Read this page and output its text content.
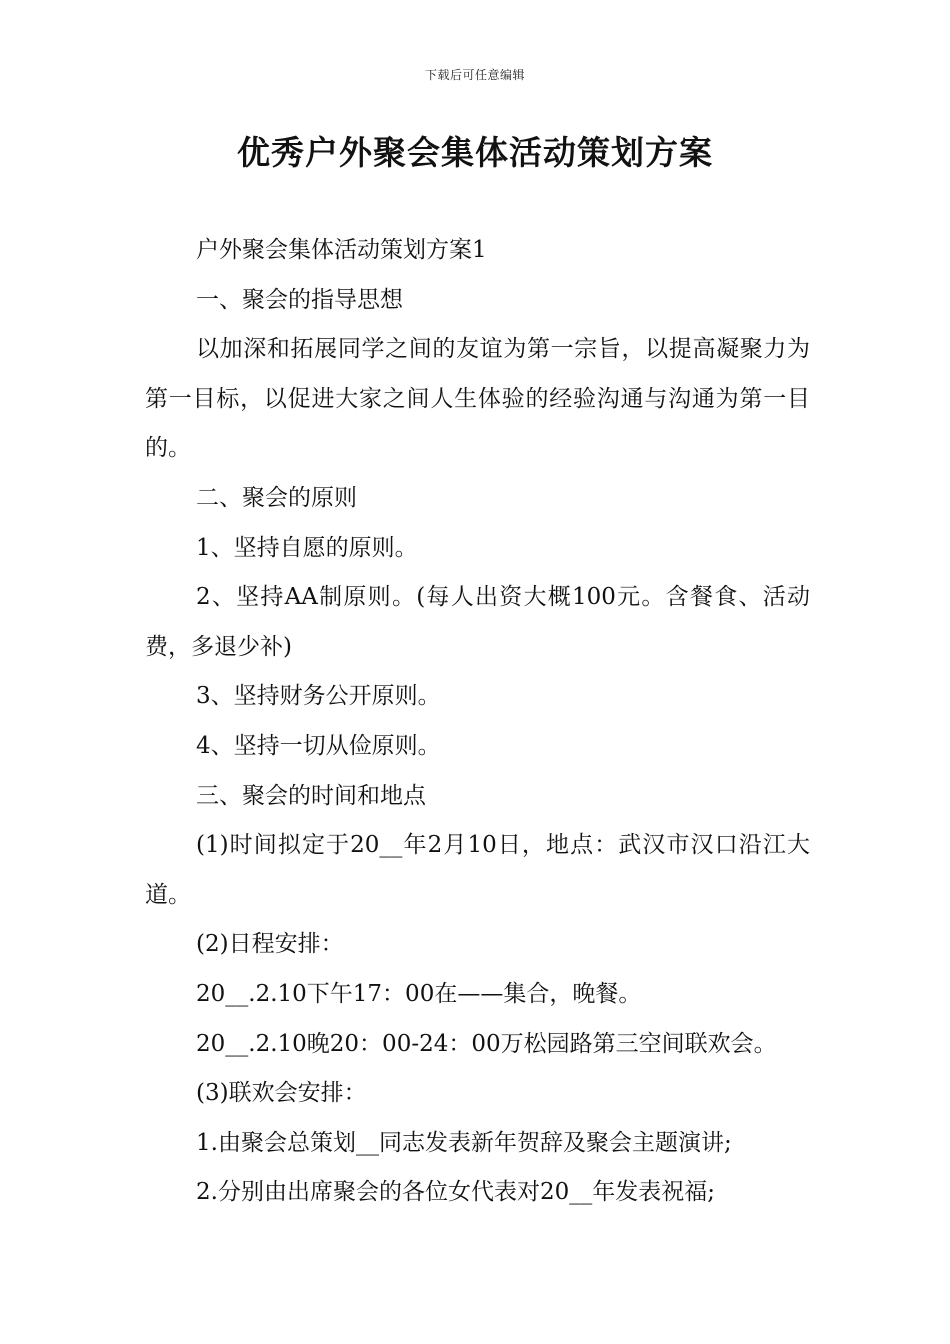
下载后可任意编辑
优秀户外聚会集体活动策划方案

户外聚会集体活动策划方案1

一、聚会的指导思想

以加深和拓展同学之间的友谊为第一宗旨，以提高凝聚力为第一目标，以促进大家之间人生体验的经验沟通与沟通为第一目的。

二、聚会的原则

1、坚持自愿的原则。

2、坚持AA制原则。(每人出资大概100元。含餐食、活动费，多退少补)

3、坚持财务公开原则。

4、坚持一切从俭原则。

三、聚会的时间和地点

(1)时间拟定于20__年2月10日，地点：武汉市汉口沿江大道。

(2)日程安排：

20__.2.10下午17：00在——集合，晚餐。

20__.2.10晚20：00-24：00万松园路第三空间联欢会。

(3)联欢会安排：

1.由聚会总策划__同志发表新年贺辞及聚会主题演讲;

2.分别由出席聚会的各位女代表对20__年发表祝福;
